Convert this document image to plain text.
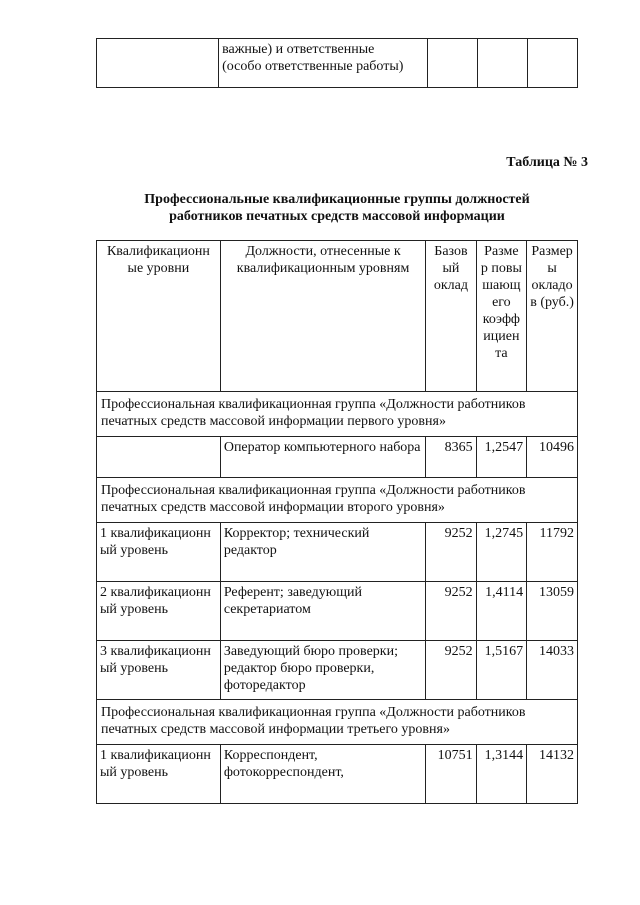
важные) и ответственные
(особо ответственные работы)

Таблица № 3
Профессиональные квалификационные группы должностей
работников печатных средств массовой информации
Квалификационн ые уровни	Должности, отнесенные к квалификационным уровням	Базов ый оклад	Разме р повы шающ его коэфф ициен та	Размер ы окладо в (руб.)
Профессиональная квалификационная группа «Должности работников печатных средств массовой информации первого уровня»				
	Оператор компьютерного набора	8365	1,2547	10496
Профессиональная квалификационная группа «Должности работников печатных средств массовой информации второго уровня»				
1 квалификационн ый уровень	Корректор; технический редактор	9252	1,2745	11792
2 квалификационн ый уровень	Референт; заведующий секретариатом	9252	1,4114	13059
3 квалификационн ый уровень	Заведующий бюро проверки; редактор бюро проверки, фоторедактор	9252	1,5167	14033
Профессиональная квалификационная группа «Должности работников печатных средств массовой информации третьего уровня»				
1 квалификационн ый уровень	Корреспондент, фотокорреспондент,	10751	1,3144	14132
